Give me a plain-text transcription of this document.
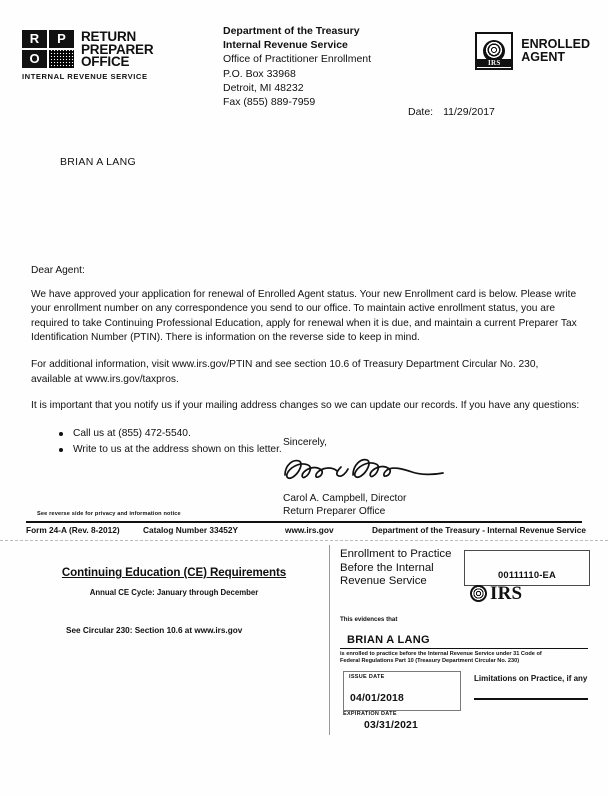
R	P
O
RETURN
PREPARER
OFFICE
INTERNAL REVENUE SERVICE
Department of the Treasury
Internal Revenue Service
Office of Practitioner Enrollment
P.O. Box 33968
Detroit, MI 48232
Fax (855) 889-7959
IRS
ENROLLED
AGENT
Date: 11/29/2017
BRIAN A LANG
Dear Agent:
We have approved your application for renewal of Enrolled Agent status. Your new Enrollment card is below. Please write your enrollment number on any correspondence you send to our office. To maintain active enrollment status, you are required to take Continuing Professional Education, apply for renewal when it is due, and maintain a current Preparer Tax Identification Number (PTIN). There is information on the reverse side to keep in mind.
For additional information, visit www.irs.gov/PTIN and see section 10.6 of Treasury Department Circular No. 230, available at www.irs.gov/taxpros.
It is important that you notify us if your mailing address changes so we can update our records. If you have any questions:
Call us at (855) 472-5540.
Write to us at the address shown on this letter.
Sincerely,
Carol A. Campbell, Director
Return Preparer Office
See reverse side for privacy and information notice
Form 24-A (Rev. 8-2012)	Catalog Number 33452Y	www.irs.gov	Department of the Treasury - Internal Revenue Service
Continuing Education (CE) Requirements
Annual CE Cycle: January through December
See Circular 230: Section 10.6 at www.irs.gov
Enrollment to Practice Before the Internal Revenue Service
00111110-EA
IRS
This evidences that
BRIAN A LANG
is enrolled to practice before the Internal Revenue Service under 31 Code of Federal Regulations Part 10 (Treasury Department Circular No. 230)
ISSUE DATE
04/01/2018
EXPIRATION DATE
03/31/2021
Limitations on Practice, if any
